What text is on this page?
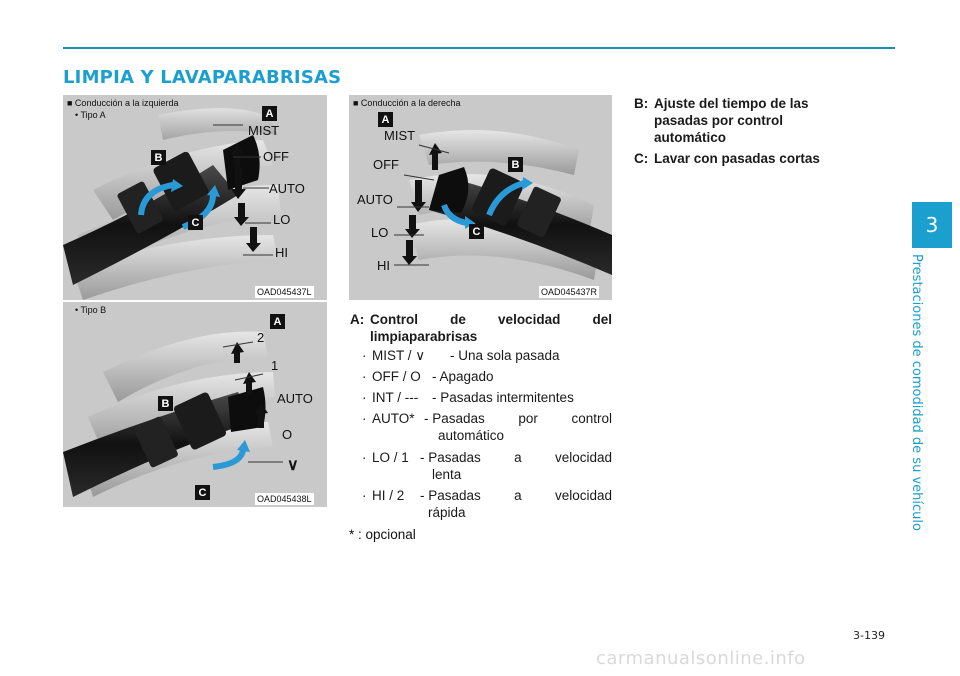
LIMPIA Y LAVAPARABRISAS
3
Prestaciones de comodidad de su vehículo
■ Conducción a la izquierda
• Tipo A	A
B
C
MIST
OFF
AUTO
LO
HI
OAD045437L
• Tipo B
A
B
C
2
1
AUTO
O
∨
OAD045438L
■ Conducción a la derecha
A
B
C
MIST
OFF
AUTO
LO
HI
OAD045437R
A: Control de velocidad del
limpiaparabrisas
· MIST / ∨ - Una sola pasada
· OFF / O - Apagado
· INT / --- - Pasadas intermitentes
· AUTO* - Pasadas por control
automático
· LO / 1 - Pasadas a velocidad
lenta
· HI / 2 - Pasadas a velocidad
rápida
* : opcional
B: Ajuste del tiempo de las
pasadas por control
automático
C: Lavar con pasadas cortas
3-139
carmanualsonline.info
